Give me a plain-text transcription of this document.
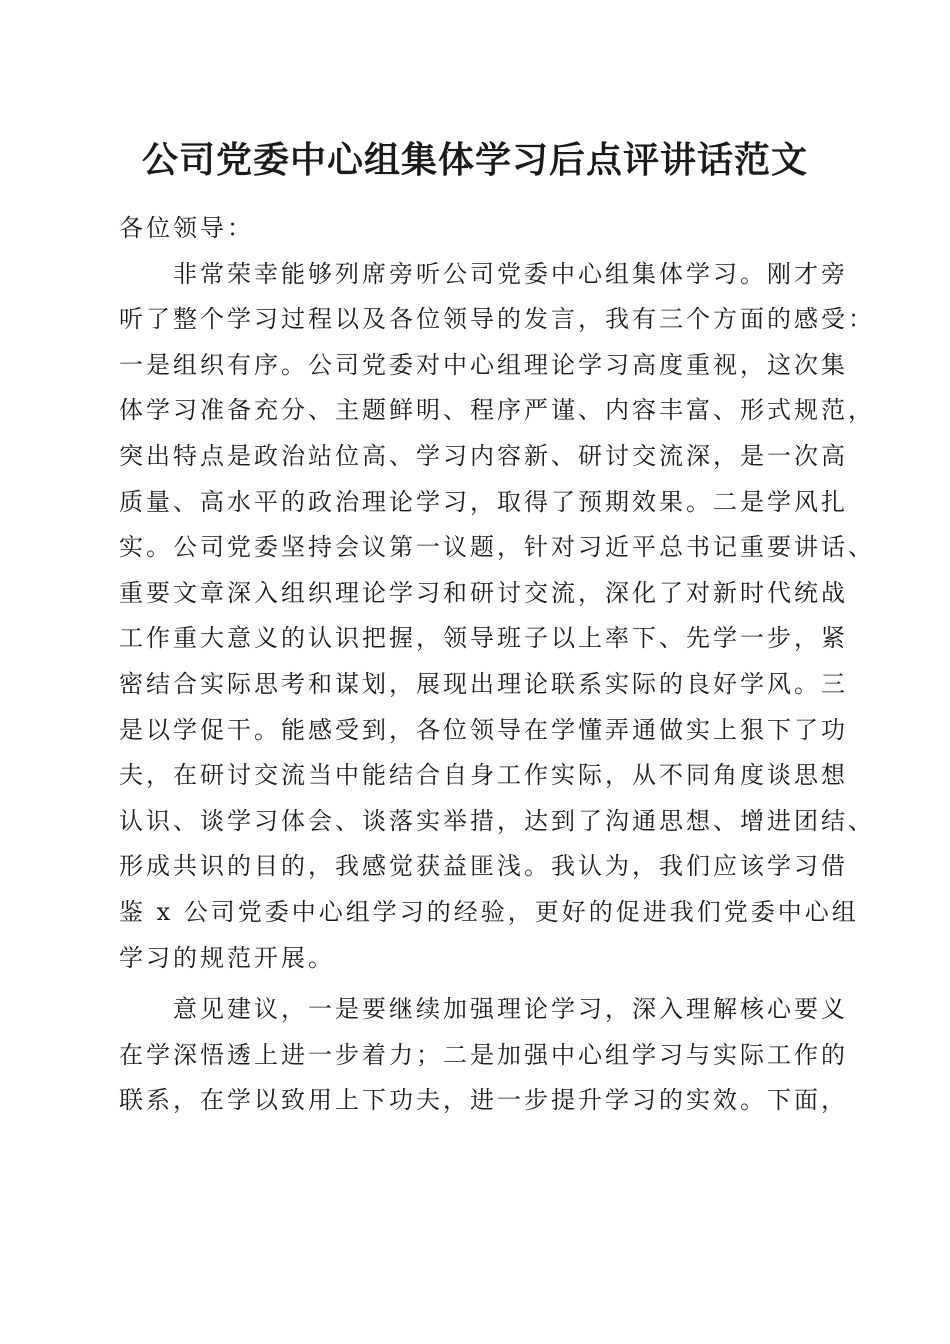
公司党委中心组集体学习后点评讲话范文
各位领导：
非常荣幸能够列席旁听公司党委中心组集体学习。刚才旁
听了整个学习过程以及各位领导的发言，我有三个方面的感受：
一是组织有序。公司党委对中心组理论学习高度重视，这次集
体学习准备充分、主题鲜明、程序严谨、内容丰富、形式规范，
突出特点是政治站位高、学习内容新、研讨交流深，是一次高
质量、高水平的政治理论学习，取得了预期效果。二是学风扎
实。公司党委坚持会议第一议题，针对习近平总书记重要讲话、
重要文章深入组织理论学习和研讨交流，深化了对新时代统战
工作重大意义的认识把握，领导班子以上率下、先学一步，紧
密结合实际思考和谋划，展现出理论联系实际的良好学风。三
是以学促干。能感受到，各位领导在学懂弄通做实上狠下了功
夫，在研讨交流当中能结合自身工作实际，从不同角度谈思想
认识、谈学习体会、谈落实举措，达到了沟通思想、增进团结、
形成共识的目的，我感觉获益匪浅。我认为，我们应该学习借
鉴 x 公司党委中心组学习的经验，更好的促进我们党委中心组
学习的规范开展。
意见建议，一是要继续加强理论学习，深入理解核心要义
在学深悟透上进一步着力；二是加强中心组学习与实际工作的
联系，在学以致用上下功夫，进一步提升学习的实效。下面，
